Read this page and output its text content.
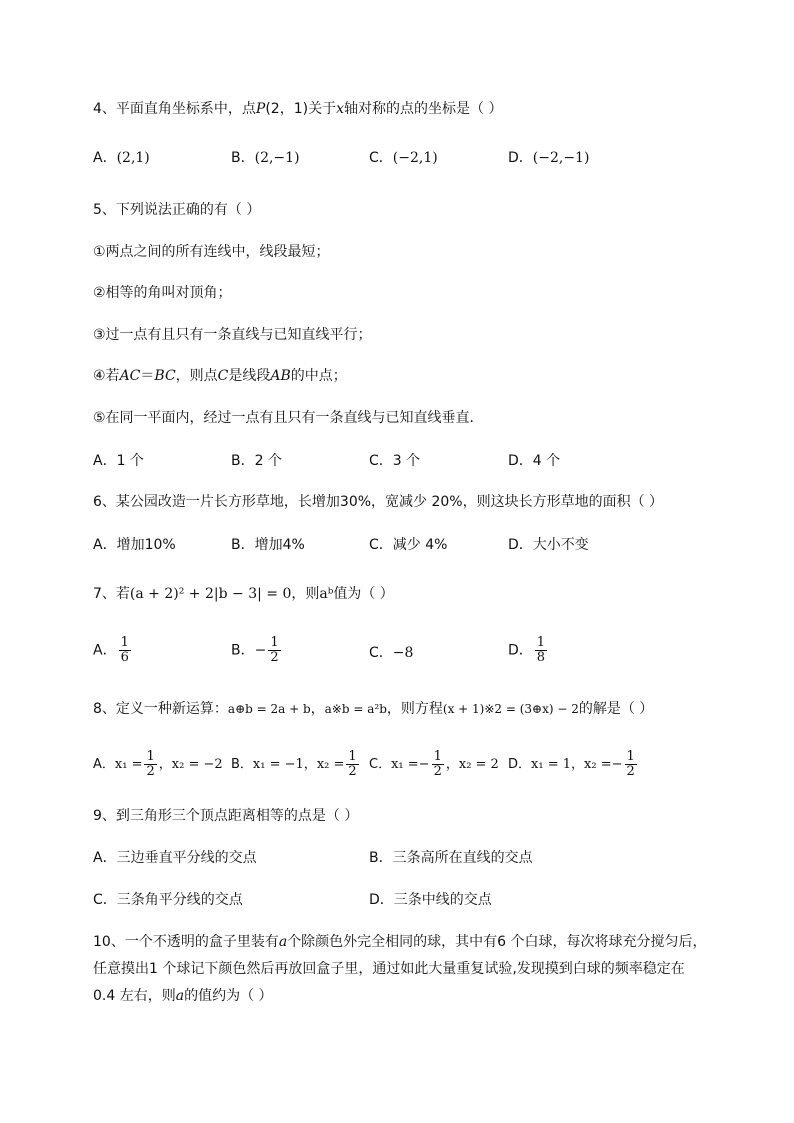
4、平面直角坐标系中，点P(2，1)关于x轴对称的点的坐标是（ ）
A．(2,1)	B．(2,−1)	C．(−2,1)	D．(−2,−1)
5、下列说法正确的有（ ）
①两点之间的所有连线中，线段最短；
②相等的角叫对顶角；
③过一点有且只有一条直线与已知直线平行；
④若AC＝BC，则点C是线段AB的中点；
⑤在同一平面内，经过一点有且只有一条直线与已知直线垂直．
A．1 个	B．2 个	C．3 个	D．4 个
6、某公园改造一片长方形草地，长增加30%，宽减少 20%，则这块长方形草地的面积（ ）
A．增加10%	B．增加4%	C．减少 4%	D．大小不变
7、若(a + 2)² + 2|b − 3| = 0，则aᵇ值为（ ）
A． $\frac{1}{6}$	B．− $\frac{1}{2}$	C．−8	D． $\frac{1}{8}$
8、定义一种新运算：a⊕b = 2a + b，a※b = a²b，则方程(x + 1)※2 = (3⊕x) − 2的解是（ ）
A．$x_1 = \frac{1}{2}$ ，x₂ = −2 B．x₁ = −1，$x_2 = \frac{1}{2}$ C．$x_1 =- \frac{1}{2}$ ，x₂ = 2 D．x₁ = 1，$x_2 =- \frac{1}{2}$
9、到三角形三个顶点距离相等的点是（ ）
A．三边垂直平分线的交点	B．三条高所在直线的交点
C．三条角平分线的交点	D．三条中线的交点
10、一个不透明的盒子里装有a个除颜色外完全相同的球，其中有6 个白球，每次将球充分搅匀后，
任意摸出1 个球记下颜色然后再放回盒子里，通过如此大量重复试验,发现摸到白球的频率稳定在
0.4 左右，则a的值约为（ ）
